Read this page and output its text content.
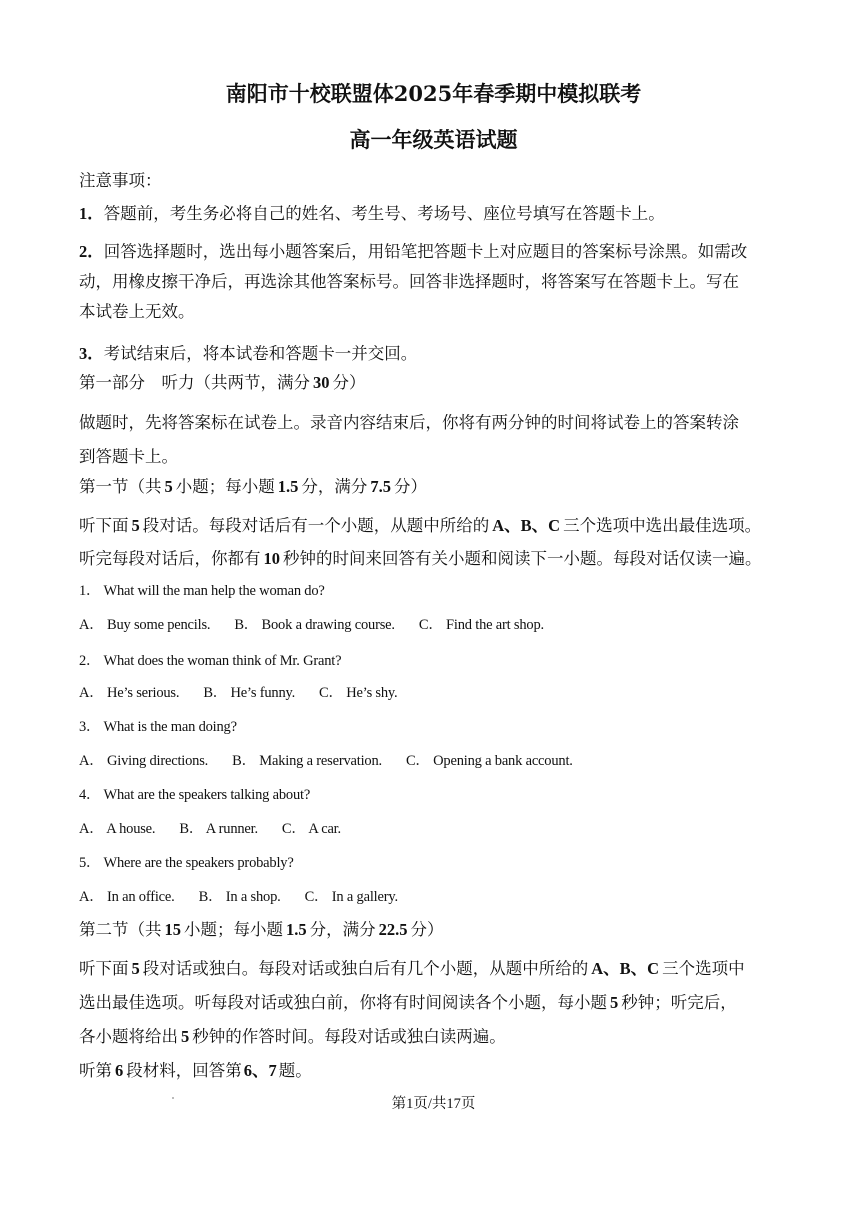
南阳市十校联盟体2025年春季期中模拟联考
高一年级英语试题
注意事项：
1．答题前，考生务必将自己的姓名、考生号、考场号、座位号填写在答题卡上。
2．回答选择题时，选出每小题答案后，用铅笔把答题卡上对应题目的答案标号涂黑。如需改
动，用橡皮擦干净后，再选涂其他答案标号。回答非选择题时，将答案写在答题卡上。写在
本试卷上无效。
3．考试结束后，将本试卷和答题卡一并交回。
第一部分　听力（共两节，满分 30 分）
做题时，先将答案标在试卷上。录音内容结束后，你将有两分钟的时间将试卷上的答案转涂
到答题卡上。
第一节（共 5 小题；每小题 1.5 分，满分 7.5 分）
听下面 5 段对话。每段对话后有一个小题，从题中所给的 A、B、C 三个选项中选出最佳选项。
听完每段对话后，你都有 10 秒钟的时间来回答有关小题和阅读下一小题。每段对话仅读一遍。
1． What will the man help the woman do?
A． Buy some pencils. B． Book a drawing course. C． Find the art shop.
2． What does the woman think of Mr. Grant?
A． He’s serious. B． He’s funny. C． He’s shy.
3． What is the man doing?
A． Giving directions. B． Making a reservation. C． Opening a bank account.
4． What are the speakers talking about?
A． A house. B． A runner. C． A car.
5． Where are the speakers probably?
A． In an office. B． In a shop. C． In a gallery.
第二节（共 15 小题；每小题 1.5 分，满分 22.5 分）
听下面 5 段对话或独白。每段对话或独白后有几个小题，从题中所给的 A、B、C 三个选项中
选出最佳选项。听每段对话或独白前，你将有时间阅读各个小题，每小题 5 秒钟；听完后，
各小题将给出 5 秒钟的作答时间。每段对话或独白读两遍。
听第 6 段材料，回答第 6、7 题。
第1页/共17页
